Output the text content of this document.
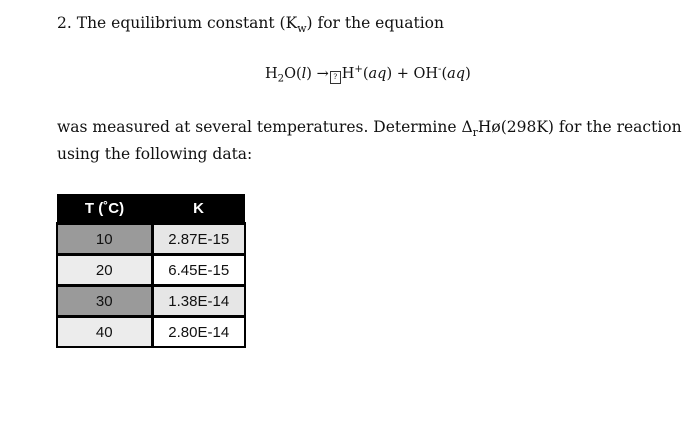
2. The equilibrium constant $(K_w)$ for the equation
$H_2O(l)$ → ? H+(aq) + OH-(aq)
was measured at several temperatures. Determine $\Delta_rHø(298K)$ for the reaction
using the following data:
T (˚C)	K
10	2.87E-15
20	6.45E-15
30	1.38E-14
40	2.80E-14
